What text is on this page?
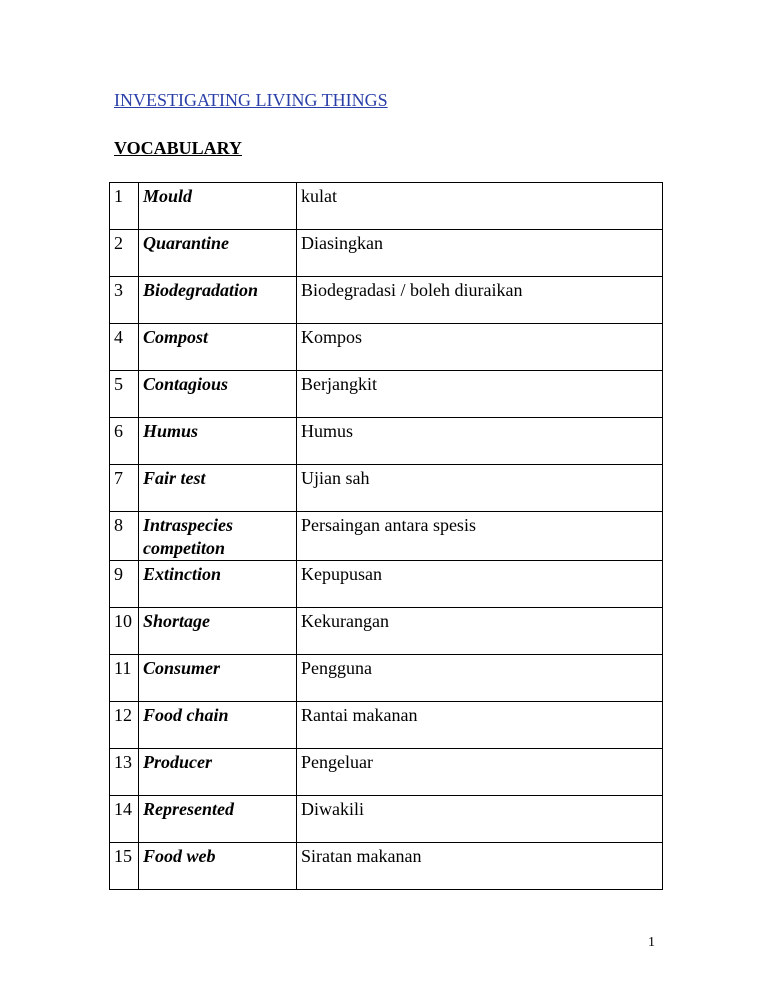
INVESTIGATING LIVING THINGS
VOCABULARY
1	Mould	kulat
2	Quarantine	Diasingkan
3	Biodegradation	Biodegradasi / boleh diuraikan
4	Compost	Kompos
5	Contagious	Berjangkit
6	Humus	Humus
7	Fair test	Ujian sah
8	Intraspecies competiton	Persaingan antara spesis
9	Extinction	Kepupusan
10	Shortage	Kekurangan
11	Consumer	Pengguna
12	Food chain	Rantai makanan
13	Producer	Pengeluar
14	Represented	Diwakili
15	Food web	Siratan makanan
1
